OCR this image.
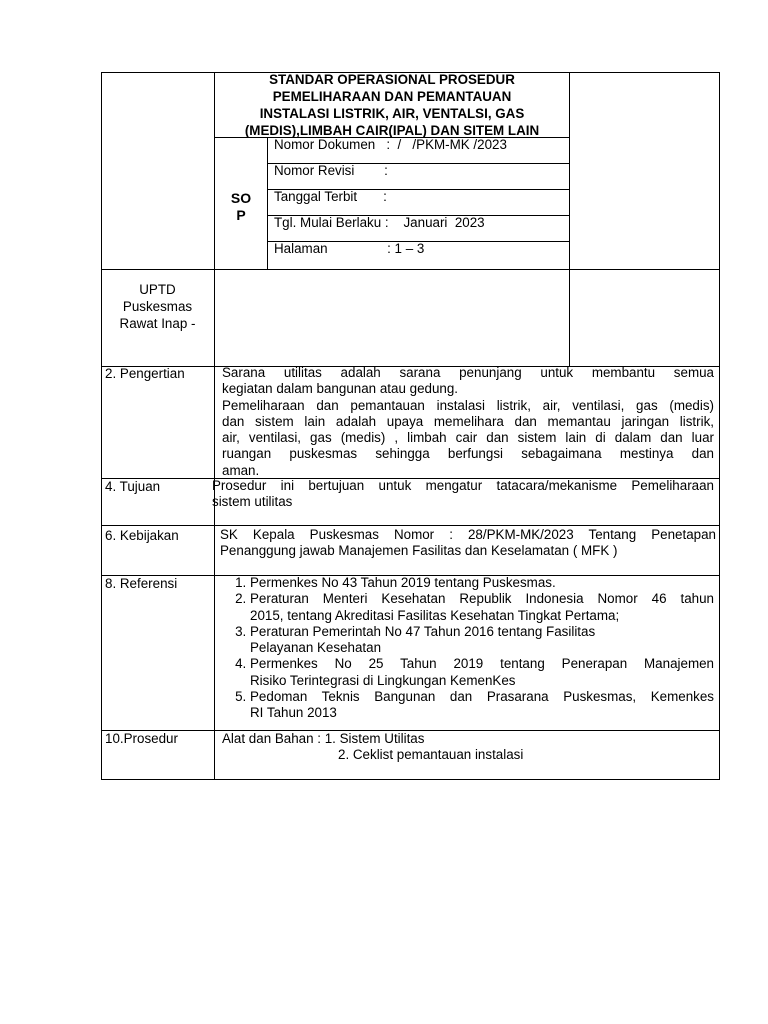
STANDAR OPERASIONAL PROSEDUR
PEMELIHARAAN DAN PEMANTAUAN
INSTALASI LISTRIK, AIR, VENTALSI, GAS
(MEDIS),LIMBAH CAIR(IPAL) DAN SITEM LAIN
SO
P
Nomor Dokumen   :  /   /PKM-MK /2023
Nomor Revisi        :
Tanggal Terbit       :
Tgl. Mulai Berlaku :    Januari  2023
Halaman                : 1 – 3
UPTD
Puskesmas
Rawat Inap -
2. Pengertian	Sarana utilitas adalah sarana penunjang untuk membantu semua
kegiatan dalam bangunan atau gedung.
Pemeliharaan dan pemantauan instalasi listrik, air, ventilasi, gas (medis)
dan sistem lain adalah upaya memelihara dan memantau jaringan listrik,
air, ventilasi, gas (medis) , limbah cair dan sistem lain di dalam dan luar
ruangan puskesmas sehingga berfungsi sebagaimana mestinya dan
aman.
4. Tujuan	Prosedur ini bertujuan untuk mengatur tatacara/mekanisme Pemeliharaan
sistem utilitas
6. Kebijakan	SK Kepala Puskesmas Nomor : 28/PKM-MK/2023 Tentang Penetapan
Penanggung jawab Manajemen Fasilitas dan Keselamatan ( MFK )
8. Referensi
1.	Permenkes No 43 Tahun 2019 tentang Puskesmas.
2. Peraturan Menteri Kesehatan Republik Indonesia Nomor 46 tahun
2015, tentang Akreditasi Fasilitas Kesehatan Tingkat Pertama;
3. Peraturan Pemerintah No 47 Tahun 2016 tentang Fasilitas
Pelayanan Kesehatan
4. Permenkes No 25 Tahun 2019 tentang Penerapan Manajemen
Risiko Terintegrasi di Lingkungan KemenKes
5. Pedoman Teknis Bangunan dan Prasarana Puskesmas, Kemenkes
RI Tahun 2013
10.Prosedur	Alat dan Bahan : 1. Sistem Utilitas
2. Ceklist pemantauan instalasi
